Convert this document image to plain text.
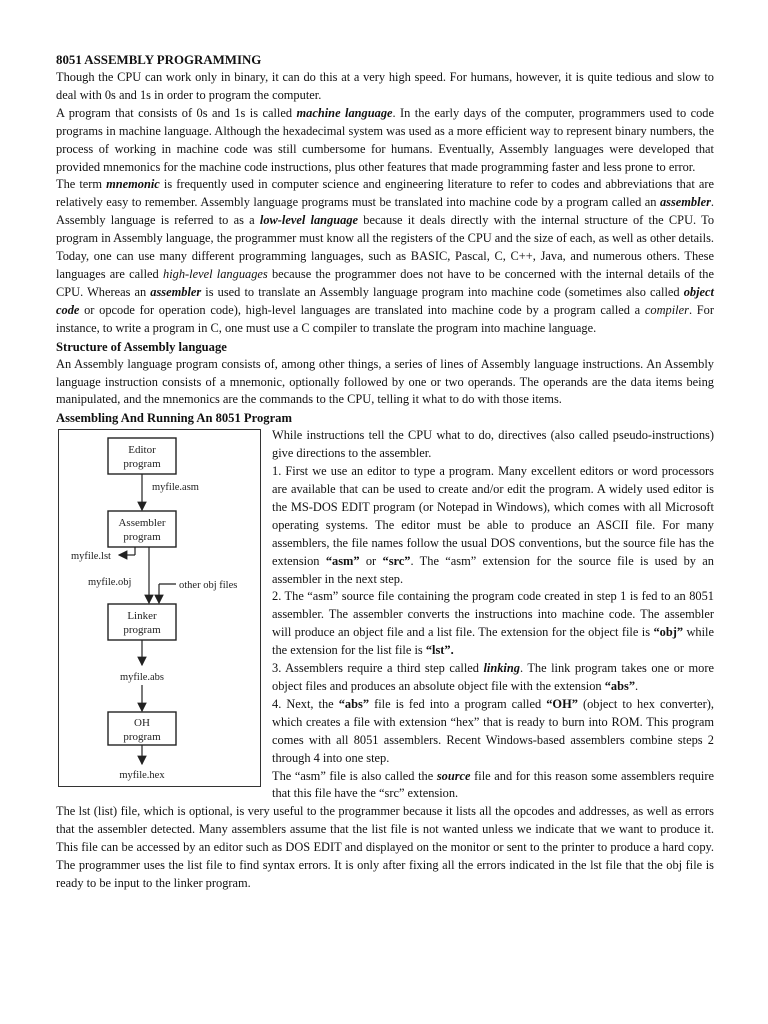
8051 ASSEMBLY PROGRAMMING

Though the CPU can work only in binary, it can do this at a very high speed. For humans, however, it is quite tedious and slow to deal with 0s and 1s in order to program the computer.

A program that consists of 0s and 1s is called machine language. In the early days of the computer, programmers used to code programs in machine language. Although the hexadecimal system was used as a more efficient way to represent binary numbers, the process of working in machine code was still cumbersome for humans. Eventually, Assembly languages were developed that provided mnemonics for the machine code instructions, plus other features that made programming faster and less prone to error.

The term mnemonic is frequently used in computer science and engineering literature to refer to codes and abbreviations that are relatively easy to remember. Assembly language programs must be translated into machine code by a program called an assembler. Assembly language is referred to as a low-level language because it deals directly with the internal structure of the CPU. To program in Assembly language, the programmer must know all the registers of the CPU and the size of each, as well as other details. Today, one can use many different programming languages, such as BASIC, Pascal, C, C++, Java, and numerous others. These languages are called high-level languages because the programmer does not have to be concerned with the internal details of the CPU. Whereas an assembler is used to translate an Assembly language program into machine code (sometimes also called object code or opcode for operation code), high-level languages are translated into machine code by a program called a compiler. For instance, to write a program in C, one must use a C compiler to translate the program into machine language.

Structure of Assembly language

An Assembly language program consists of, among other things, a series of lines of Assembly language instructions. An Assembly language instruction consists of a mnemonic, optionally followed by one or two operands. The operands are the data items being manipulated, and the mnemonics are the commands to the CPU, telling it what to do with those items.

Assembling And Running An 8051 Program
Editor
program
myfile.asm
Assembler
program
myfile.lst
myfile.obj	other obj files
Linker
program
myfile.abs
OH
program
myfile.hex

While instructions tell the CPU what to do, directives (also called pseudo-instructions) give directions to the assembler.

1. First we use an editor to type a program. Many excellent editors or word processors are available that can be used to create and/or edit the program. A widely used editor is the MS-DOS EDIT program (or Notepad in Windows), which comes with all Microsoft operating systems. The editor must be able to produce an ASCII file. For many assemblers, the file names follow the usual DOS conventions, but the source file has the extension “asm” or “src”. The “asm” extension for the source file is used by an assembler in the next step.

2. The “asm” source file containing the program code created in step 1 is fed to an 8051 assembler. The assembler converts the instructions into machine code. The assembler will produce an object file and a list file. The extension for the object file is “obj” while the extension for the list file is “lst”.

3. Assemblers require a third step called linking. The link program takes one or more object files and produces an absolute object file with the extension “abs”.

4. Next, the “abs” file is fed into a program called “OH” (object to hex converter), which creates a file with extension “hex” that is ready to burn into ROM. This program comes with all 8051 assemblers. Recent Windows-based assemblers combine steps 2 through 4 into one step.

The “asm” file is also called the source file and for this reason some assemblers require that this file have the “src” extension.

The lst (list) file, which is optional, is very useful to the programmer because it lists all the opcodes and addresses, as well as errors that the assembler detected. Many assemblers assume that the list file is not wanted unless we indicate that we want to produce it. This file can be accessed by an editor such as DOS EDIT and displayed on the monitor or sent to the printer to produce a hard copy. The programmer uses the list file to find syntax errors. It is only after fixing all the errors indicated in the lst file that the obj file is ready to be input to the linker program.
